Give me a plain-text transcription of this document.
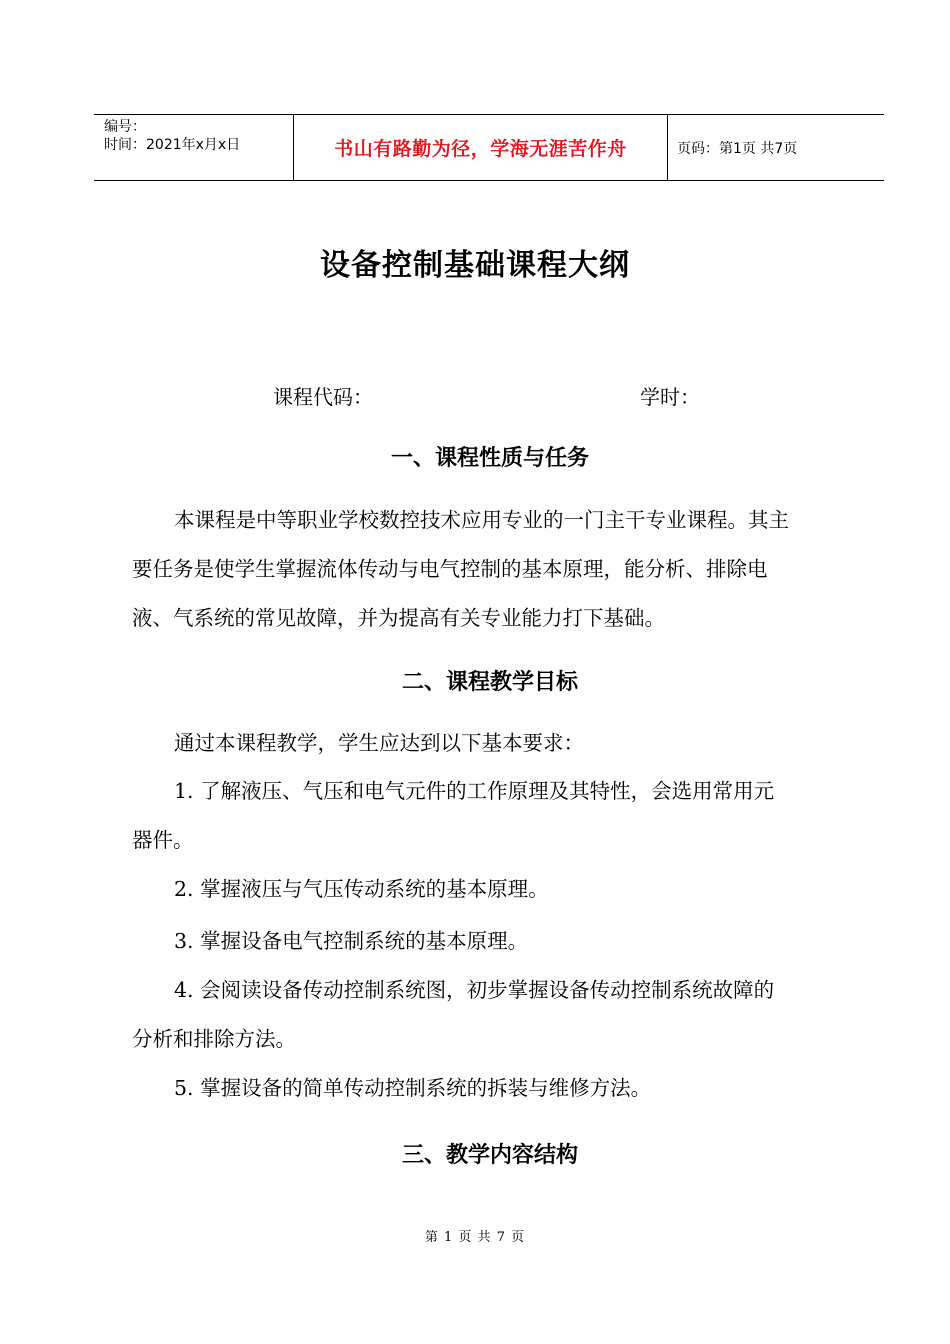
编号：
时间：2021年x月x日	书山有路勤为径，学海无涯苦作舟	页码：第1页 共7页
设备控制基础课程大纲
课程代码：	学时：
一、课程性质与任务
本课程是中等职业学校数控技术应用专业的一门主干专业课程。其主
要任务是使学生掌握流体传动与电气控制的基本原理，能分析、排除电
液、气系统的常见故障，并为提高有关专业能力打下基础。
二、课程教学目标
通过本课程教学，学生应达到以下基本要求：
1. 了解液压、气压和电气元件的工作原理及其特性，会选用常用元
器件。
2. 掌握液压与气压传动系统的基本原理。
3. 掌握设备电气控制系统的基本原理。
4. 会阅读设备传动控制系统图，初步掌握设备传动控制系统故障的
分析和排除方法。
5. 掌握设备的简单传动控制系统的拆装与维修方法。
三、教学内容结构
第 1 页 共 7 页
